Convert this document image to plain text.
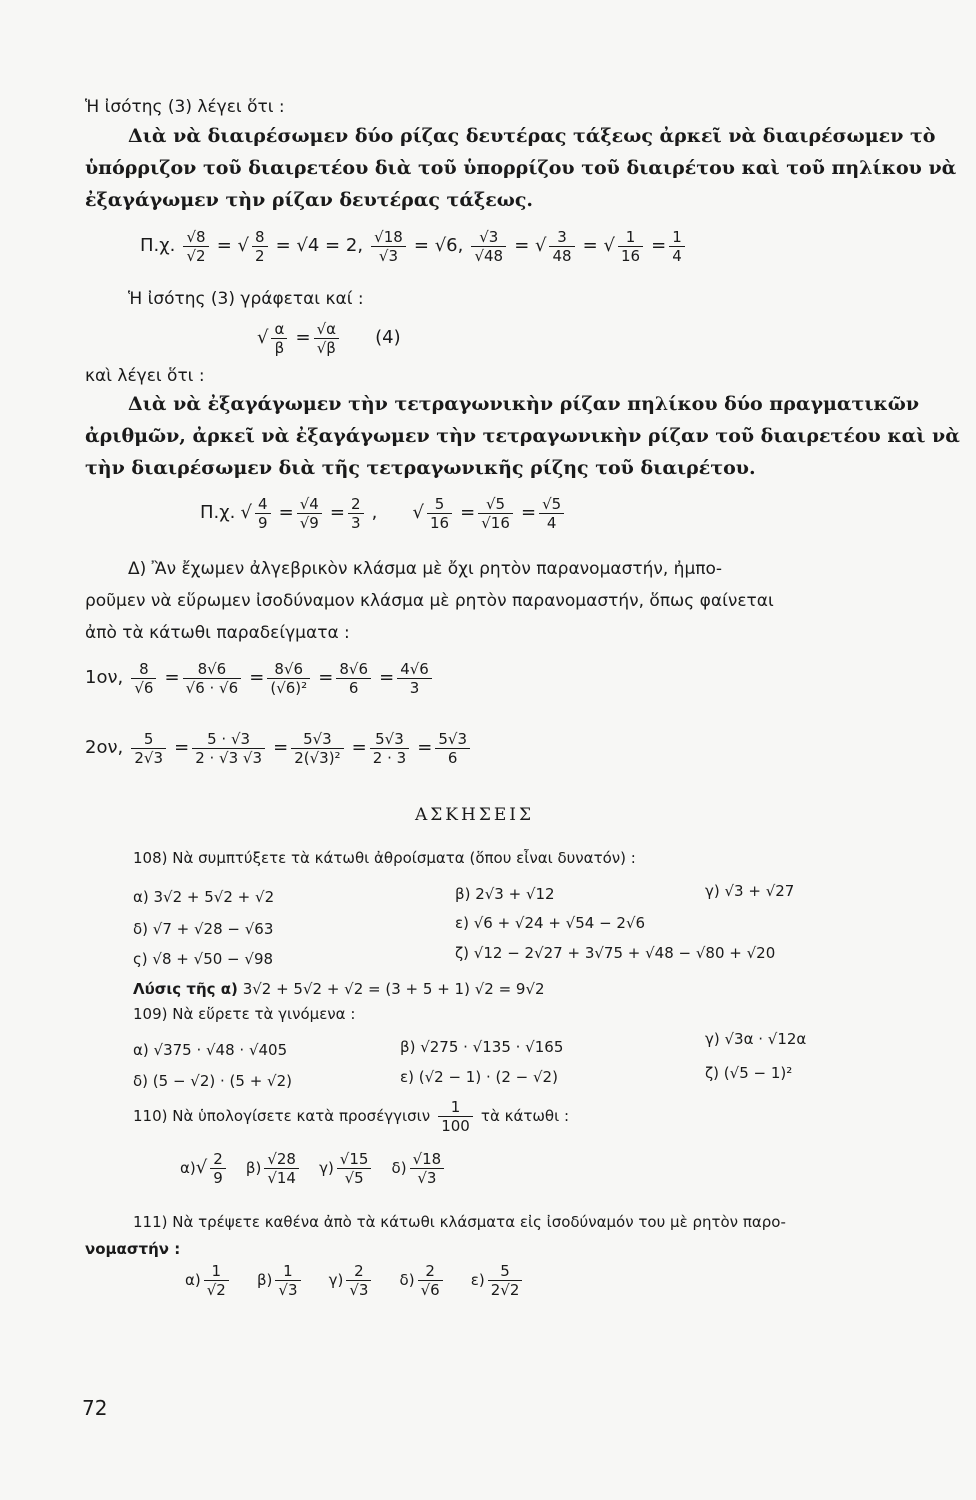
Ἡ ἰσότης (3) λέγει ὅτι :
Διὰ νὰ διαιρέσωμεν δύο ρίζας δευτέρας τάξεως ἀρκεῖ νὰ διαιρέσωμεν τὸ
ὑπόρριζον τοῦ διαιρετέου διὰ τοῦ ὑπορρίζου τοῦ διαιρέτου καὶ τοῦ πηλίκου νὰ
ἐξαγάγωμεν τὴν ρίζαν δευτέρας τάξεως.
Π.χ. $\frac{√8}{√2}$ = √ $\frac{8}{2} = √4 = 2$, $\frac{√18}{√3} = √6$, $\frac{√3}{√48}$ = √ $\frac{3}{48}$ = √ $\frac{1}{16} = \frac{1}{4}$
Ἡ ἰσότης (3) γράφεται καί :
√ $\frac{\alpha}{\beta} = \frac{√\alpha}{√\beta} (4)$
καὶ λέγει ὅτι :
Διὰ νὰ ἐξαγάγωμεν τὴν τετραγωνικὴν ρίζαν πηλίκου δύο πραγματικῶν
ἀριθμῶν, ἀρκεῖ νὰ ἐξαγάγωμεν τὴν τετραγωνικὴν ρίζαν τοῦ διαιρετέου καὶ νὰ
τὴν διαιρέσωμεν διὰ τῆς τετραγωνικῆς ρίζης τοῦ διαιρέτου.
Π.χ. √ $\frac{4}{9} = \frac{√4}{√9} = \frac{2}{3}$ , √ $\frac{5}{16} = \frac{√5}{√16} = \frac{√5}{4}$
Δ) Ἂν ἔχωμεν ἀλγεβρικὸν κλάσμα μὲ ὄχι ρητὸν παρανομαστήν, ἠμπο-
ροῦμεν νὰ εὕρωμεν ἰσοδύναμον κλάσμα μὲ ρητὸν παρανομαστήν, ὅπως φαίνεται
ἀπὸ τὰ κάτωθι παραδείγματα :
1ον, $\frac{8}{√6} = \frac{8√6}{√6 \cdot √6} = \frac{8√6}{\text{(√6)²}} = \frac{8√6}{6} = \frac{4√6}{3}$
2ον, $\frac{5}{2√3} = \frac{5 \cdot √3}{2 \cdot √3 √3} = \frac{5√3}{\text{2(√3)²}} = \frac{5√3}{2 \cdot 3} = \frac{5√3}{6}$
ΑΣΚΗΣΕΙΣ
108) Νὰ συμπτύξετε τὰ κάτωθι ἀθροίσματα (ὅπου εἶναι δυνατόν) :
α) 3√2 + 5√2 + √2	β) 2√3 + √12	γ) √3 + √27
δ) √7 + √28 − √63	ε) √6 + √24 + √54 − 2√6
ς) √8 + √50 − √98	ζ) √12 − 2√27 + 3√75 + √48 − √80 + √20
Λύσις τῆς α) 3√2 + 5√2 + √2 = (3 + 5 + 1) √2 = 9√2
109) Νὰ εὕρετε τὰ γινόμενα :
α) √375 · √48 · √405	β) √275 · √135 · √165	γ) √3α · √12α
δ) (5 − √2) · (5 + √2)	ε) (√2 − 1) · (2 − √2)	ζ) (√5 − 1)²
110) Νὰ ὑπολογίσετε κατὰ προσέγγισιν $\frac{1}{100}$ τὰ κάτωθι :
$\alpha)√ \frac{2}{9} \beta) \frac{√28}{√14} \gamma) \frac{√15}{√5} \delta) \frac{√18}{√3}$
111) Νὰ τρέψετε καθένα ἀπὸ τὰ κάτωθι κλάσματα εἰς ἰσοδύναμόν του μὲ ρητὸν παρο-
νομαστήν :
$\alpha) \frac{1}{√2} \beta) \frac{1}{√3} \gamma) \frac{2}{√3} \delta) \frac{2}{√6} \varepsilon) \frac{5}{2√2}$
72
